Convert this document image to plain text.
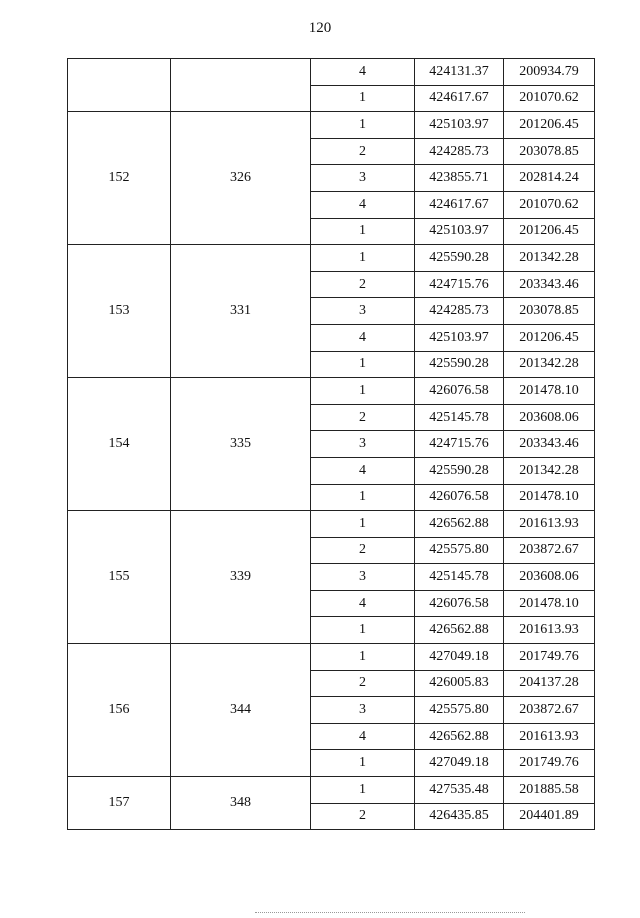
120
		4	424131.37	200934.79
		1	424617.67	201070.62
152	326	1	425103.97	201206.45
		2	424285.73	203078.85
		3	423855.71	202814.24
		4	424617.67	201070.62
		1	425103.97	201206.45
153	331	1	425590.28	201342.28
		2	424715.76	203343.46
		3	424285.73	203078.85
		4	425103.97	201206.45
		1	425590.28	201342.28
154	335	1	426076.58	201478.10
		2	425145.78	203608.06
		3	424715.76	203343.46
		4	425590.28	201342.28
		1	426076.58	201478.10
155	339	1	426562.88	201613.93
		2	425575.80	203872.67
		3	425145.78	203608.06
		4	426076.58	201478.10
		1	426562.88	201613.93
156	344	1	427049.18	201749.76
		2	426005.83	204137.28
		3	425575.80	203872.67
		4	426562.88	201613.93
		1	427049.18	201749.76
157	348	1	427535.48	201885.58
		2	426435.85	204401.89
